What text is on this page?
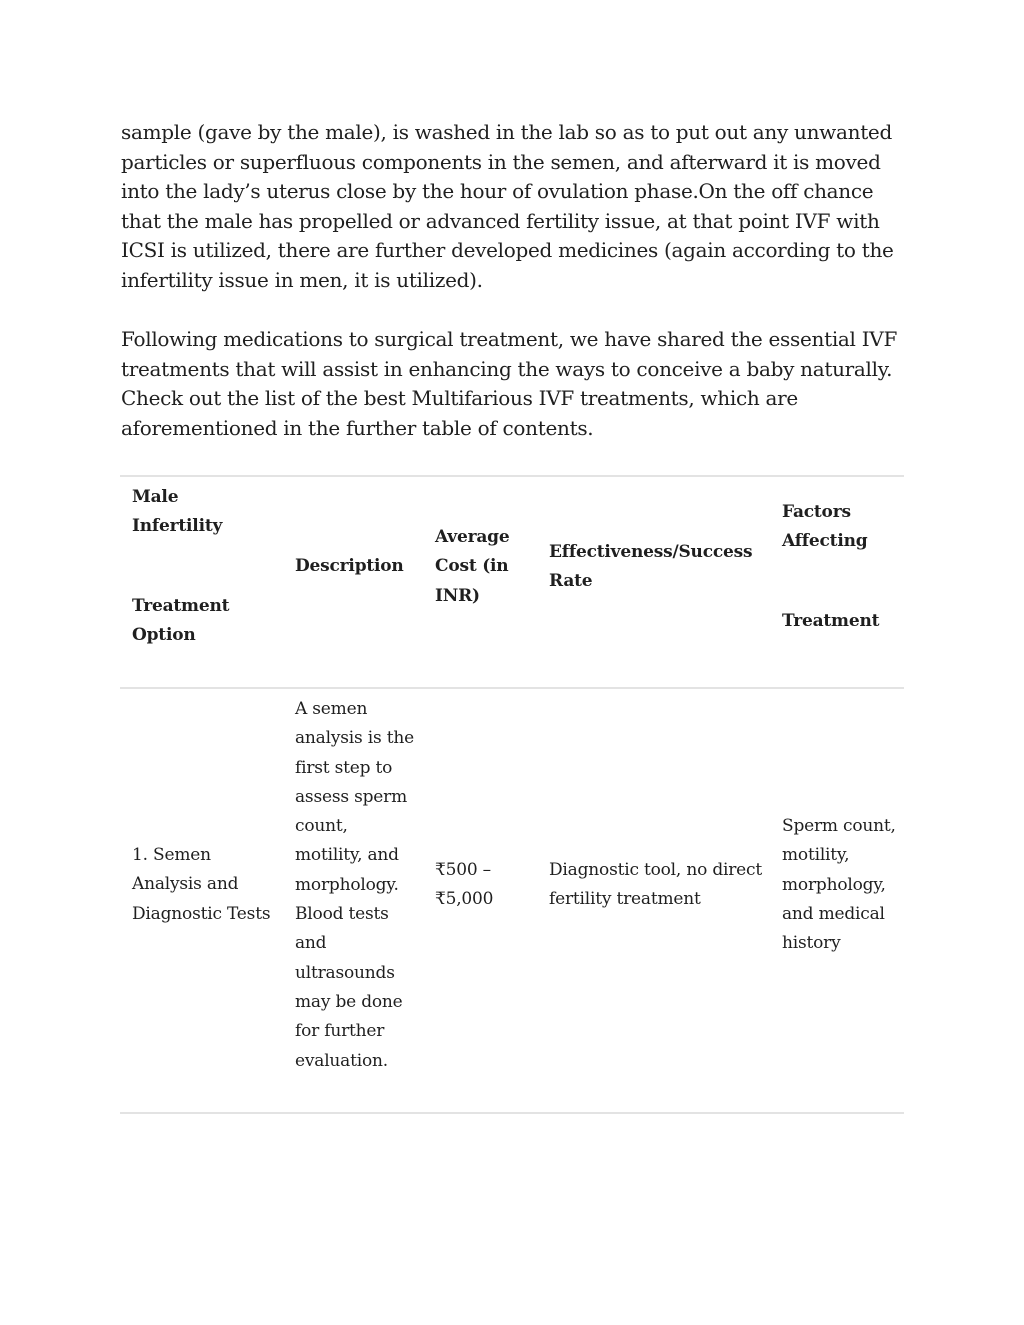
sample (gave by the male), is washed in the lab so as to put out any unwanted
particles or superfluous components in the semen, and afterward it is moved
into the lady’s uterus close by the hour of ovulation phase.On the off chance
that the male has propelled or advanced fertility issue, at that point IVF with
ICSI is utilized, there are further developed medicines (again according to the
infertility issue in men, it is utilized).

Following medications to surgical treatment, we have shared the essential IVF
treatments that will assist in enhancing the ways to conceive a baby naturally.
Check out the list of the best Multifarious IVF treatments, which are
aforementioned in the further table of contents.

Male
Infertility
Treatment
Option
Description
Average
Cost (in
INR)
Effectiveness/Success
Rate
Factors
Affecting
Treatment
1. Semen
Analysis and
Diagnostic Tests
A semen
analysis is the
first step to
assess sperm
count,
motility, and
morphology.
Blood tests
and
ultrasounds
may be done
for further
evaluation.
₹500 –
₹5,000
Diagnostic tool, no direct
fertility treatment
Sperm count,
motility,
morphology,
and medical
history
